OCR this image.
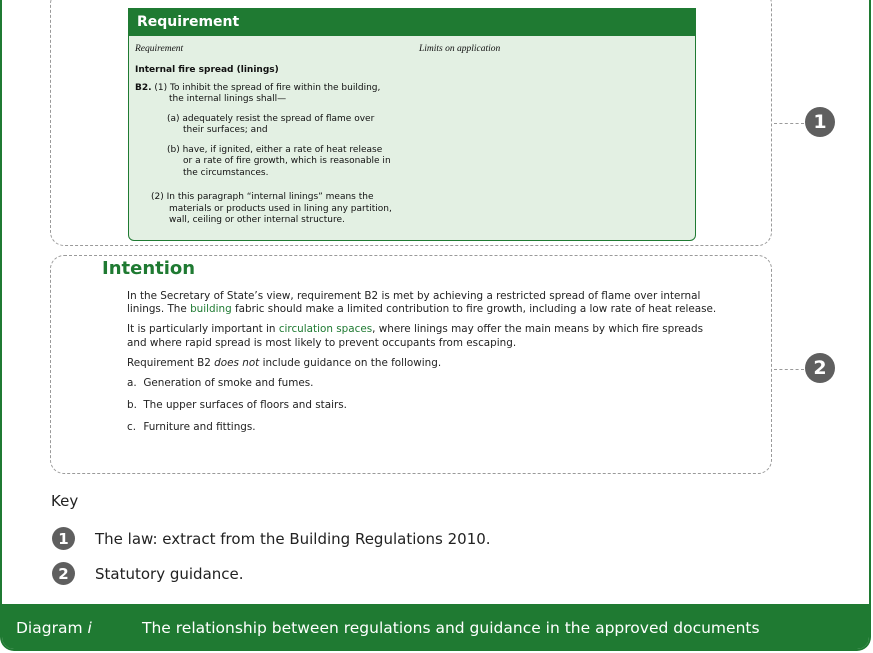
1
2
Requirement
Requirement	Limits on application
Internal fire spread (linings)
B2. (1) To inhibit the spread of fire within the building,
the internal linings shall—
(a) adequately resist the spread of flame over
their surfaces; and
(b) have, if ignited, either a rate of heat release
or a rate of fire growth, which is reasonable in
the circumstances.
(2) In this paragraph “internal linings” means the
materials or products used in lining any partition,
wall, ceiling or other internal structure.
Intention

In the Secretary of State’s view, requirement B2 is met by achieving a restricted spread of flame over internal linings. The building fabric should make a limited contribution to fire growth, including a low rate of heat release.

It is particularly important in circulation spaces, where linings may offer the main means by which fire spreads and where rapid spread is most likely to prevent occupants from escaping.

Requirement B2 does not include guidance on the following.

a. Generation of smoke and fumes.
b. The upper surfaces of floors and stairs.
c. Furniture and fittings.
Key
1	The law: extract from the Building Regulations 2010.
2	Statutory guidance.
Diagram i	The relationship between regulations and guidance in the approved documents
